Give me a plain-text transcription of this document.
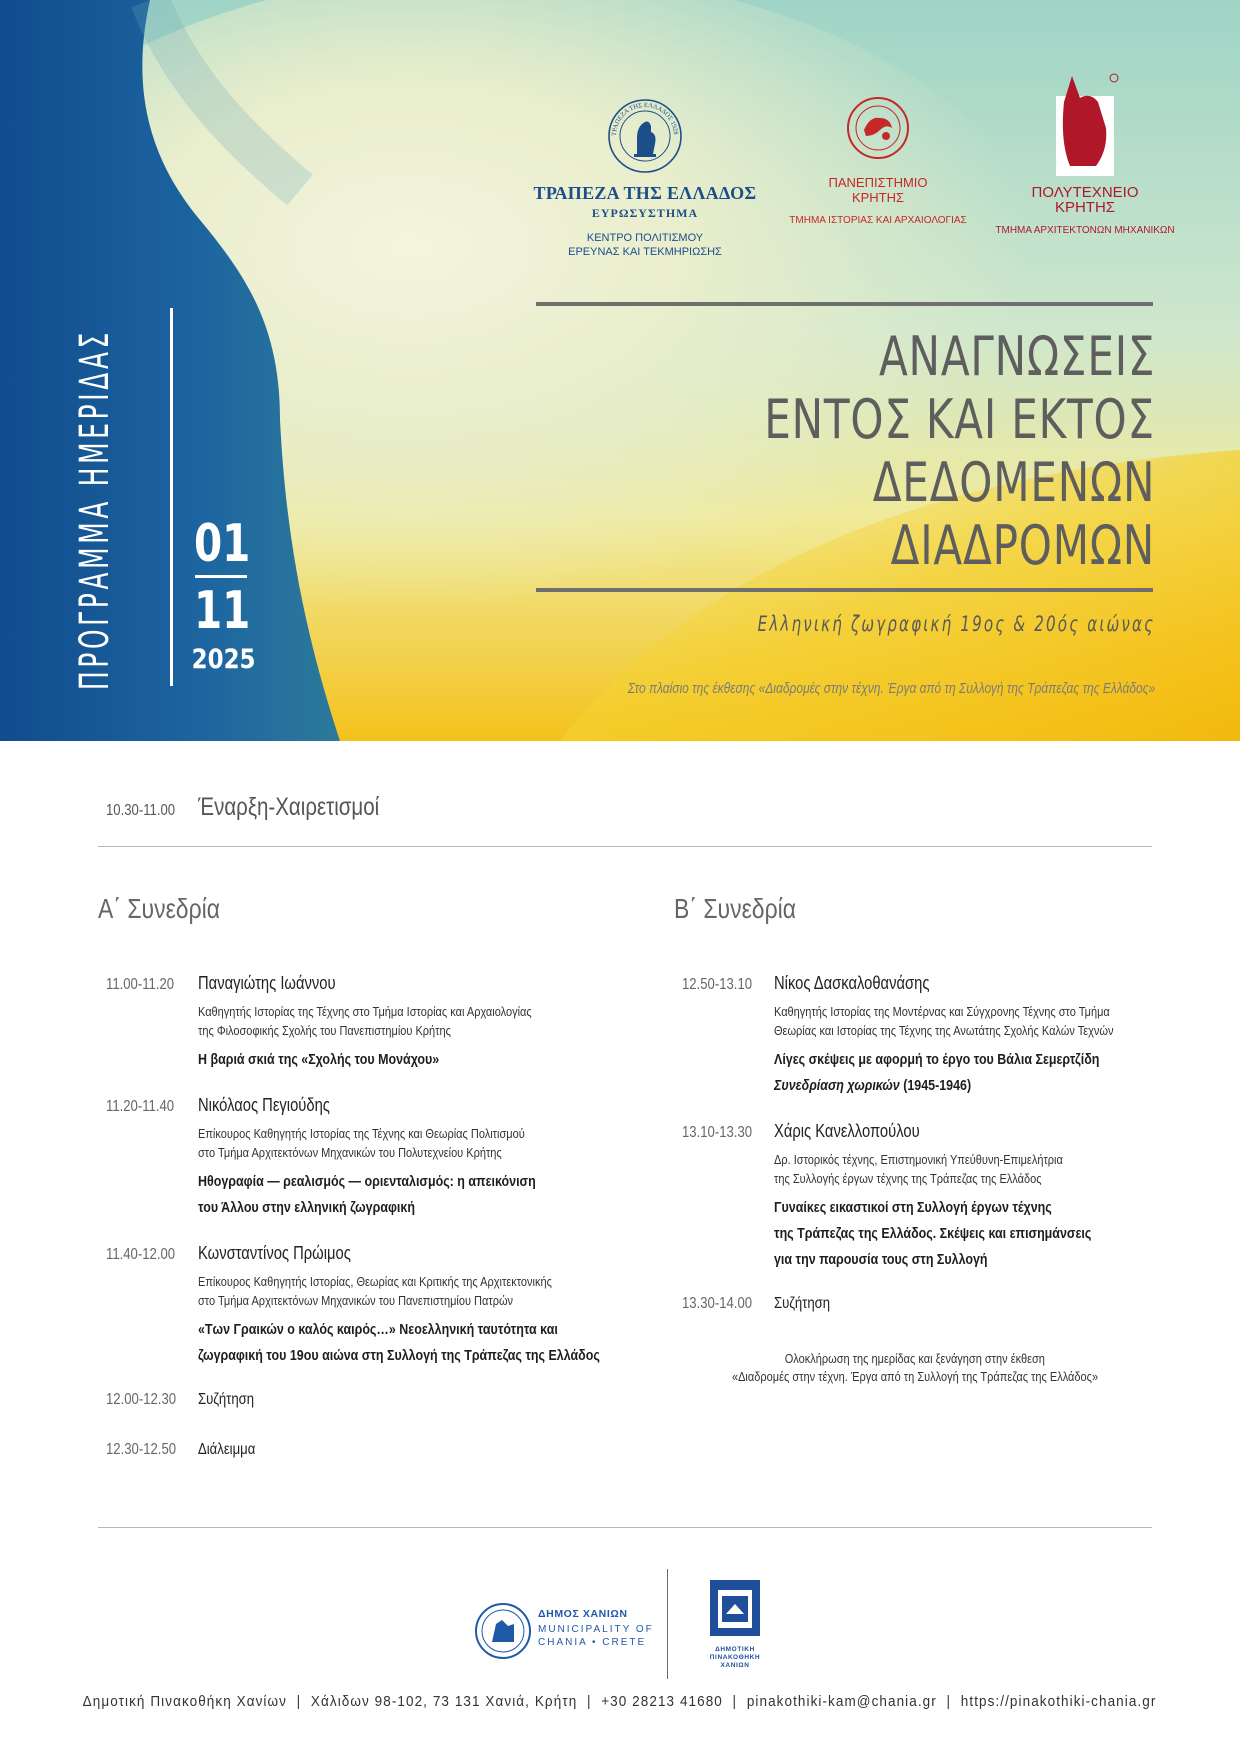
ΠΡΟΓΡΑΜΜΑ ΗΜΕΡΙΔΑΣ 01
11
2025
ΤΡΑΠΕΖΑ ΤΗΣ ΕΛΛΑΔΟΣ 1928
ΤΡΑΠΕΖΑ ΤΗΣ ΕΛΛΑΔΟΣ
ΕΥΡΩΣΥΣΤΗΜΑ
ΚΕΝΤΡΟ ΠΟΛΙΤΙΣΜΟΥ
ΕΡΕΥΝΑΣ ΚΑΙ ΤΕΚΜΗΡΙΩΣΗΣ
ΠΑΝΕΠΙΣΤΗΜΙΟ
ΚΡΗΤΗΣ
ΤΜΗΜΑ ΙΣΤΟΡΙΑΣ ΚΑΙ ΑΡΧΑΙΟΛΟΓΙΑΣ
ΠΟΛΥΤΕΧΝΕΙΟ
ΚΡΗΤΗΣ
ΤΜΗΜΑ ΑΡΧΙΤΕΚΤΟΝΩΝ ΜΗΧΑΝΙΚΩΝ
ΑΝΑΓΝΩΣΕΙΣ
ΕΝΤΟΣ ΚΑΙ ΕΚΤΟΣ
ΔΕΔΟΜΕΝΩΝ
ΔΙΑΔΡΟΜΩΝ
Ελληνική ζωγραφική 19ος & 20ός αιώνας
Στο πλαίσιο της έκθεσης «Διαδρομές στην τέχνη. Έργα από τη Συλλογή της Τράπεζας της Ελλάδος»
10.30-11.00 Έναρξη-Χαιρετισμοί
Α΄ Συνεδρία	Β΄ Συνεδρία
11.00-11.20 Παναγιώτης Ιωάννου
Καθηγητής Ιστορίας της Τέχνης στο Τμήμα Ιστορίας και Αρχαιολογίας
της Φιλοσοφικής Σχολής του Πανεπιστημίου Κρήτης
Η βαριά σκιά της «Σχολής του Μονάχου»
11.20-11.40 Νικόλαος Πεγιούδης
Επίκουρος Καθηγητής Ιστορίας της Τέχνης και Θεωρίας Πολιτισμού
στο Τμήμα Αρχιτεκτόνων Μηχανικών του Πολυτεχνείου Κρήτης
Ηθογραφία — ρεαλισμός — οριενταλισμός: η απεικόνιση
του Άλλου στην ελληνική ζωγραφική
11.40-12.00 Κωνσταντίνος Πρώιμος
Επίκουρος Καθηγητής Ιστορίας, Θεωρίας και Κριτικής της Αρχιτεκτονικής
στο Τμήμα Αρχιτεκτόνων Μηχανικών του Πανεπιστημίου Πατρών
«Των Γραικών ο καλός καιρός…» Νεοελληνική ταυτότητα και
ζωγραφική του 19ου αιώνα στη Συλλογή της Τράπεζας της Ελλάδος
12.00-12.30 Συζήτηση
12.30-12.50 Διάλειμμα
12.50-13.10 Νίκος Δασκαλοθανάσης
Καθηγητής Ιστορίας της Μοντέρνας και Σύγχρονης Τέχνης στο Τμήμα
Θεωρίας και Ιστορίας της Τέχνης της Ανωτάτης Σχολής Καλών Τεχνών
Λίγες σκέψεις με αφορμή το έργο του Βάλια Σεμερτζίδη
Συνεδρίαση χωρικών (1945-1946)
13.10-13.30 Χάρις Κανελλοπούλου
Δρ. Ιστορικός τέχνης, Επιστημονική Υπεύθυνη-Επιμελήτρια
της Συλλογής έργων τέχνης της Τράπεζας της Ελλάδος
Γυναίκες εικαστικοί στη Συλλογή έργων τέχνης
της Τράπεζας της Ελλάδος. Σκέψεις και επισημάνσεις
για την παρουσία τους στη Συλλογή
13.30-14.00 Συζήτηση
Ολοκλήρωση της ημερίδας και ξενάγηση στην έκθεση
«Διαδρομές στην τέχνη. Έργα από τη Συλλογή της Τράπεζας της Ελλάδος»
ΔΗΜΟΣ ΧΑΝΙΩΝ
MUNICIPALITY OF
CHANIA • CRETE
ΔΗΜΟΤΙΚΗ
ΠΙΝΑΚΟΘΗΚΗ
ΧΑΝΙΩΝ
Δημοτική Πινακοθήκη Χανίων  |  Χάλιδων 98-102, 73 131 Χανιά, Κρήτη  |  +30 28213 41680  |  pinakothiki-kam@chania.gr  |  https://pinakothiki-chania.gr
